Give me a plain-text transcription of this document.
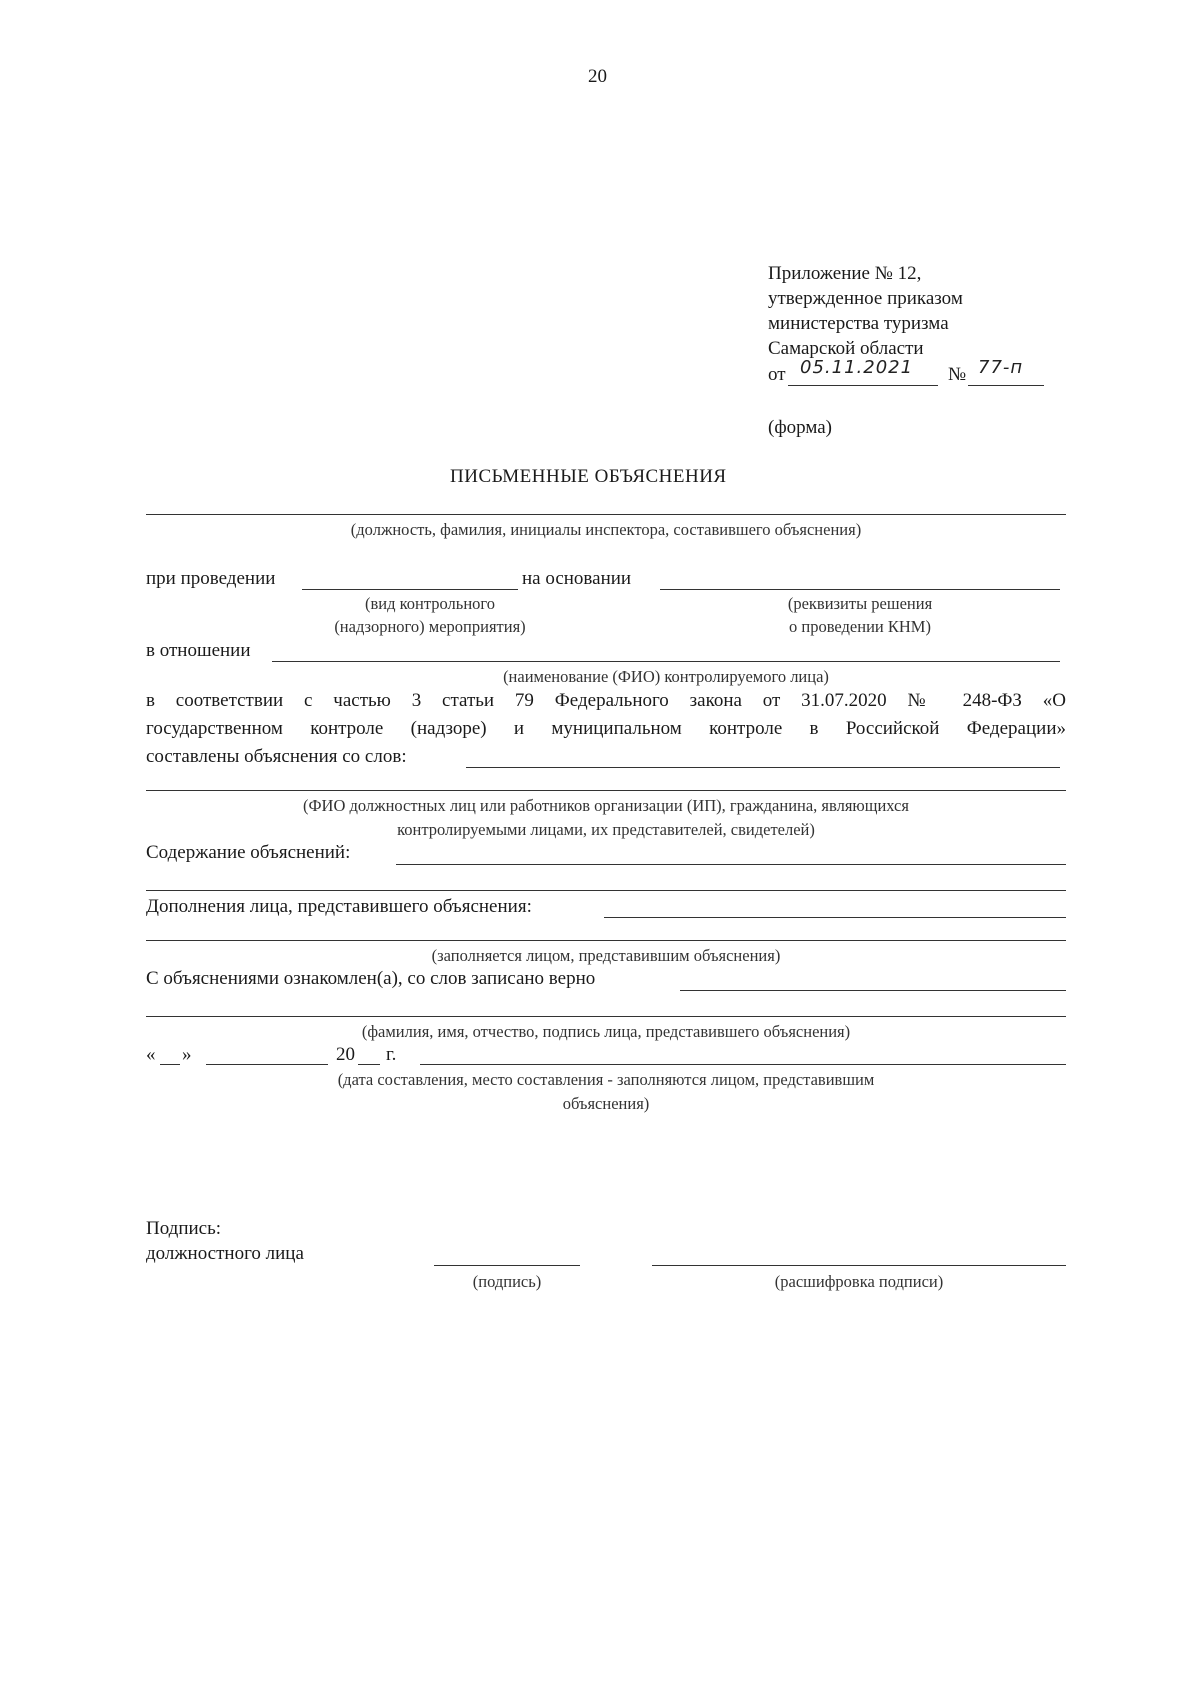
20
Приложение № 12,
утвержденное приказом
министерства туризма
Самарской области
от 05.11.2021 № 77-п
(форма)
ПИСЬМЕННЫЕ ОБЪЯСНЕНИЯ
(должность, фамилия, инициалы инспектора, составившего объяснения)
при проведении	на основании
(вид контрольного
(надзорного) мероприятия)
(реквизиты решения
о проведении КНМ)
в отношении
(наименование (ФИО) контролируемого лица)
в соответствии с частью 3 статьи 79 Федерального закона от 31.07.2020 № 248-ФЗ «О
государственном контроле (надзоре) и муниципальном контроле в Российской Федерации»
составлены объяснения со слов:
(ФИО должностных лиц или работников организации (ИП), гражданина, являющихся
контролируемыми лицами, их представителей, свидетелей)
Содержание объяснений:
Дополнения лица, представившего объяснения:
(заполняется лицом, представившим объяснения)
С объяснениями ознакомлен(а), со слов записано верно
(фамилия, имя, отчество, подпись лица, представившего объяснения)
« »	20 г.
(дата составления, место составления - заполняются лицом, представившим
объяснения)
Подпись:
должностного лица
(подпись)	(расшифровка подписи)
